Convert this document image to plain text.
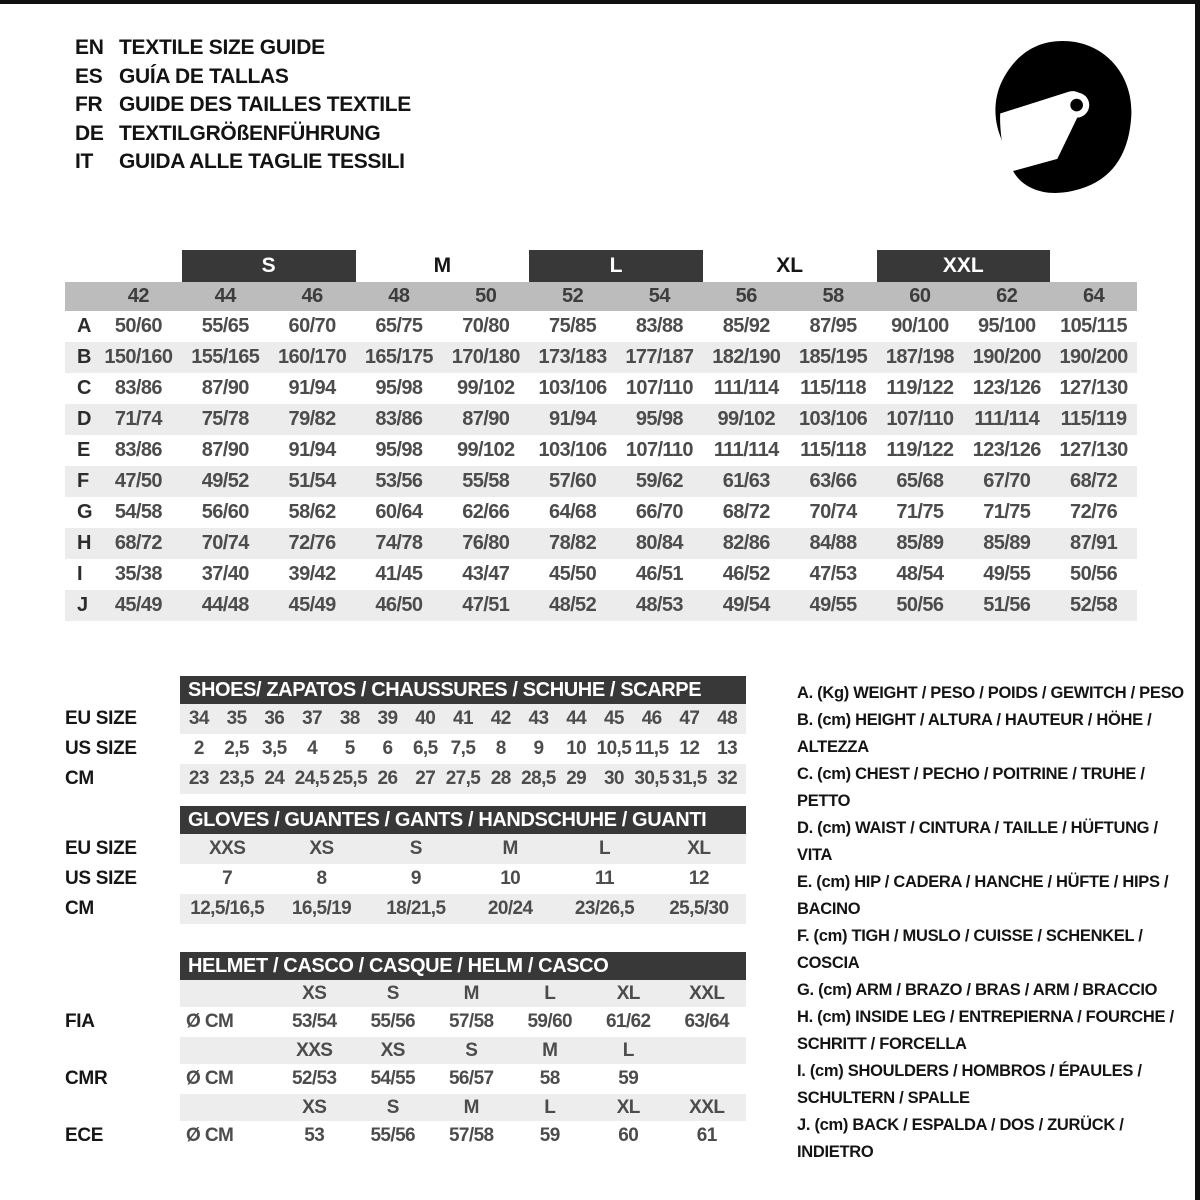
EN TEXTILE SIZE GUIDE
ES GUÍA DE TALLAS
FR GUIDE DES TAILLES TEXTILE
DE TEXTILGRÖßENFÜHRUNG
IT	GUIDA ALLE TAGLIE TESSILI
S	M	L	XL	XXL
42	44	46	48	50	52	54	56	58	60	62	64
A	50/60	55/65	60/70	65/75	70/80	75/85	83/88	85/92	87/95	90/100	95/100	105/115
B 150/160 155/165 160/170 165/175 170/180 173/183 177/187 182/190 185/195 187/198 190/200 190/200
C	83/86	87/90	91/94	95/98	99/102	103/106 107/110	111/114	115/118	119/122 123/126 127/130
D	71/74	75/78	79/82	83/86	87/90	91/94	95/98	99/102	103/106 107/110	111/114	115/119
E	83/86	87/90	91/94	95/98	99/102	103/106 107/110	111/114	115/118	119/122 123/126 127/130
F	47/50	49/52	51/54	53/56	55/58	57/60	59/62	61/63	63/66	65/68	67/70	68/72
G	54/58	56/60	58/62	60/64	62/66	64/68	66/70	68/72	70/74	71/75	71/75	72/76
H	68/72	70/74	72/76	74/78	76/80	78/82	80/84	82/86	84/88	85/89	85/89	87/91
I	35/38	37/40	39/42	41/45	43/47	45/50	46/51	46/52	47/53	48/54	49/55	50/56
J	45/49	44/48	45/49	46/50	47/51	48/52	48/53	49/54	49/55	50/56	51/56	52/58
SHOES/ ZAPATOS / CHAUSSURES / SCHUHE / SCARPE
EU SIZE	34 35 36 37 38 39 40 41 42 43 44 45 46 47 48
US SIZE	2	2,5 3,5	4	5	6	6,5 7,5	8	9	10 10,5 11,5 12 13
CM	23 23,5 24 24,5 25,5 26 27 27,5 28 28,5 29 30 30,5 31,5 32
GLOVES / GUANTES / GANTS / HANDSCHUHE / GUANTI
EU SIZE	XXS	XS	S	M	L	XL
US SIZE	7	8	9	10	11	12
CM	12,5/16,5	16,5/19	18/21,5	20/24	23/26,5	25,5/30
HELMET / CASCO / CASQUE / HELM / CASCO
XS	S	M	L	XL	XXL
FIA	Ø CM	53/54	55/56	57/58	59/60	61/62	63/64
XXS	XS	S	M	L
CMR	Ø CM	52/53	54/55	56/57	58	59
XS	S	M	L	XL	XXL
ECE	Ø CM	53	55/56	57/58	59	60	61
A. (Kg) WEIGHT / PESO / POIDS / GEWITCH / PESO
B. (cm) HEIGHT / ALTURA / HAUTEUR / HÖHE / ALTEZZA
C. (cm) CHEST / PECHO / POITRINE / TRUHE / PETTO
D. (cm) WAIST / CINTURA / TAILLE / HÜFTUNG / VITA
E. (cm) HIP / CADERA / HANCHE / HÜFTE / HIPS / BACINO
F. (cm) TIGH / MUSLO / CUISSE / SCHENKEL / COSCIA
G. (cm) ARM / BRAZO / BRAS / ARM / BRACCIO
H. (cm) INSIDE LEG / ENTREPIERNA / FOURCHE / SCHRITT / FORCELLA
I. (cm) SHOULDERS / HOMBROS / ÉPAULES / SCHULTERN / SPALLE
J. (cm) BACK / ESPALDA / DOS / ZURÜCK / INDIETRO
